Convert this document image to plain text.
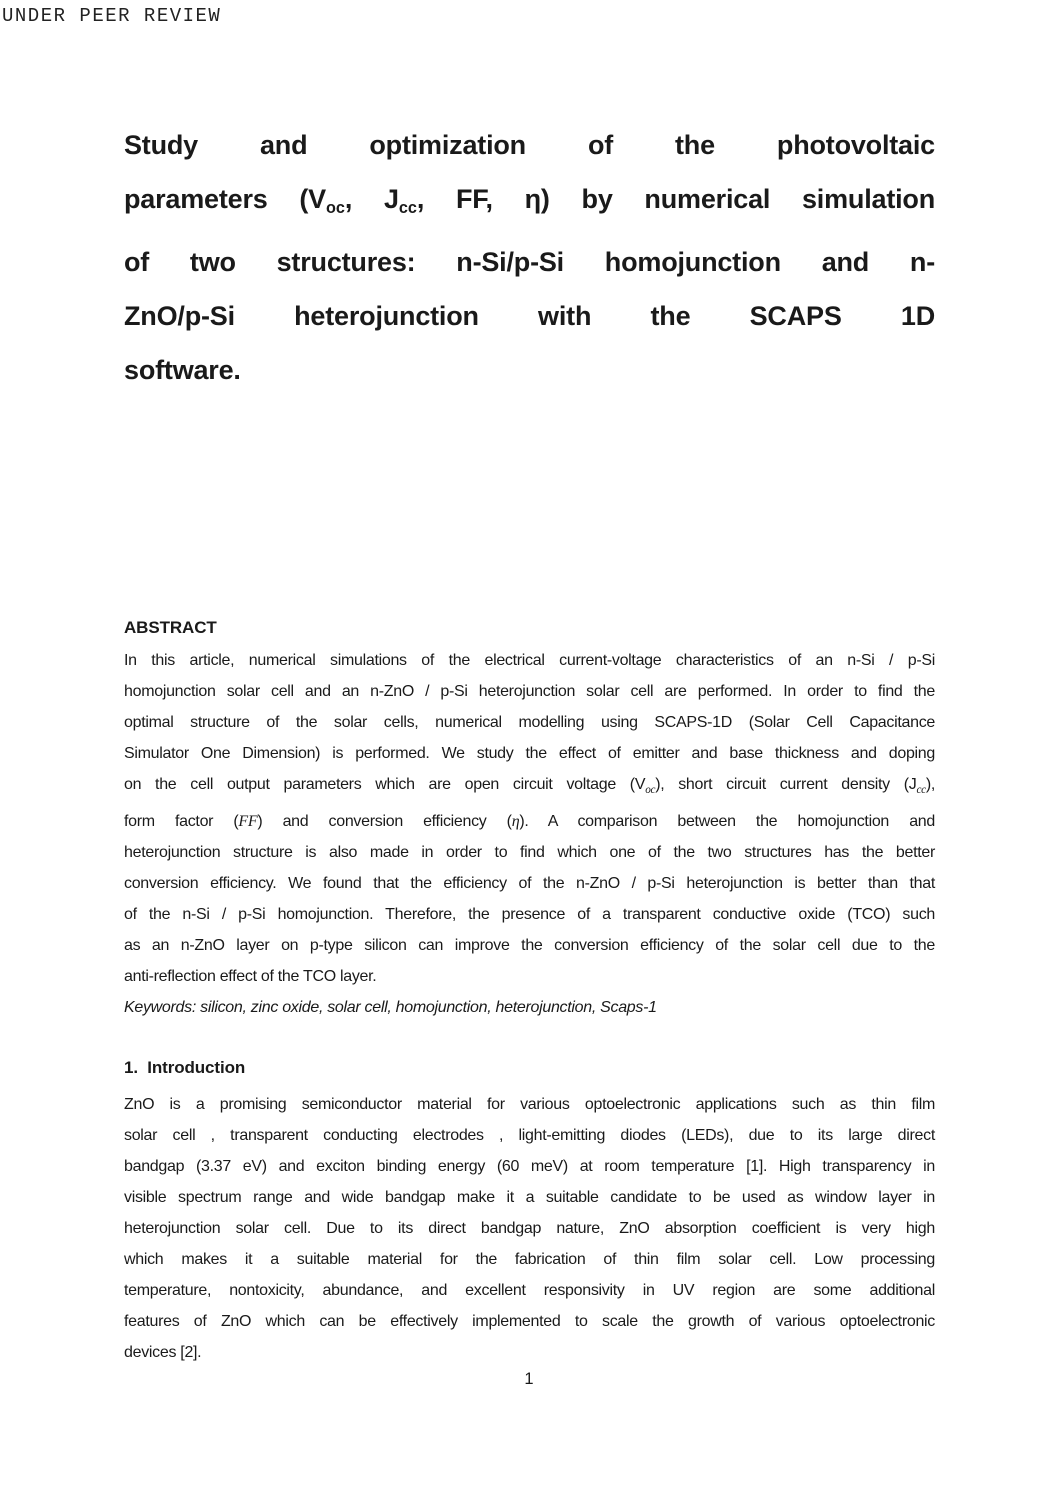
UNDER PEER REVIEW
Study and optimization of the photovoltaic
parameters ($V_{oc}$, $J_{cc}$, FF, η) by numerical simulation
of two structures: n-Si/p-Si homojunction and n-
ZnO/p-Si heterojunction with the SCAPS 1D
software.
ABSTRACT
In this article, numerical simulations of the electrical current-voltage characteristics of an n-Si / p-Si
homojunction solar cell and an n-ZnO / p-Si heterojunction solar cell are performed. In order to find the
optimal structure of the solar cells, numerical modelling using SCAPS-1D (Solar Cell Capacitance
Simulator One Dimension) is performed. We study the effect of emitter and base thickness and doping
on the cell output parameters which are open circuit voltage $(V_{oc})$, short circuit current density $(J_{cc})$,
form factor (FF) and conversion efficiency (η). A comparison between the homojunction and
heterojunction structure is also made in order to find which one of the two structures has the better
conversion efficiency. We found that the efficiency of the n-ZnO / p-Si heterojunction is better than that
of the n-Si / p-Si homojunction. Therefore, the presence of a transparent conductive oxide (TCO) such
as an n-ZnO layer on p-type silicon can improve the conversion efficiency of the solar cell due to the
anti-reflection effect of the TCO layer.
Keywords: silicon, zinc oxide, solar cell, homojunction, heterojunction, Scaps-1
1.  Introduction
ZnO is a promising semiconductor material for various optoelectronic applications such as thin film
solar cell , transparent conducting electrodes , light-emitting diodes (LEDs), due to its large direct
bandgap (3.37 eV) and exciton binding energy (60 meV) at room temperature [1]. High transparency in
visible spectrum range and wide bandgap make it a suitable candidate to be used as window layer in
heterojunction solar cell. Due to its direct bandgap nature, ZnO absorption coefficient is very high
which makes it a suitable material for the fabrication of thin film solar cell. Low processing
temperature, nontoxicity, abundance, and excellent responsivity in UV region are some additional
features of ZnO which can be effectively implemented to scale the growth of various optoelectronic
devices [2].
1
